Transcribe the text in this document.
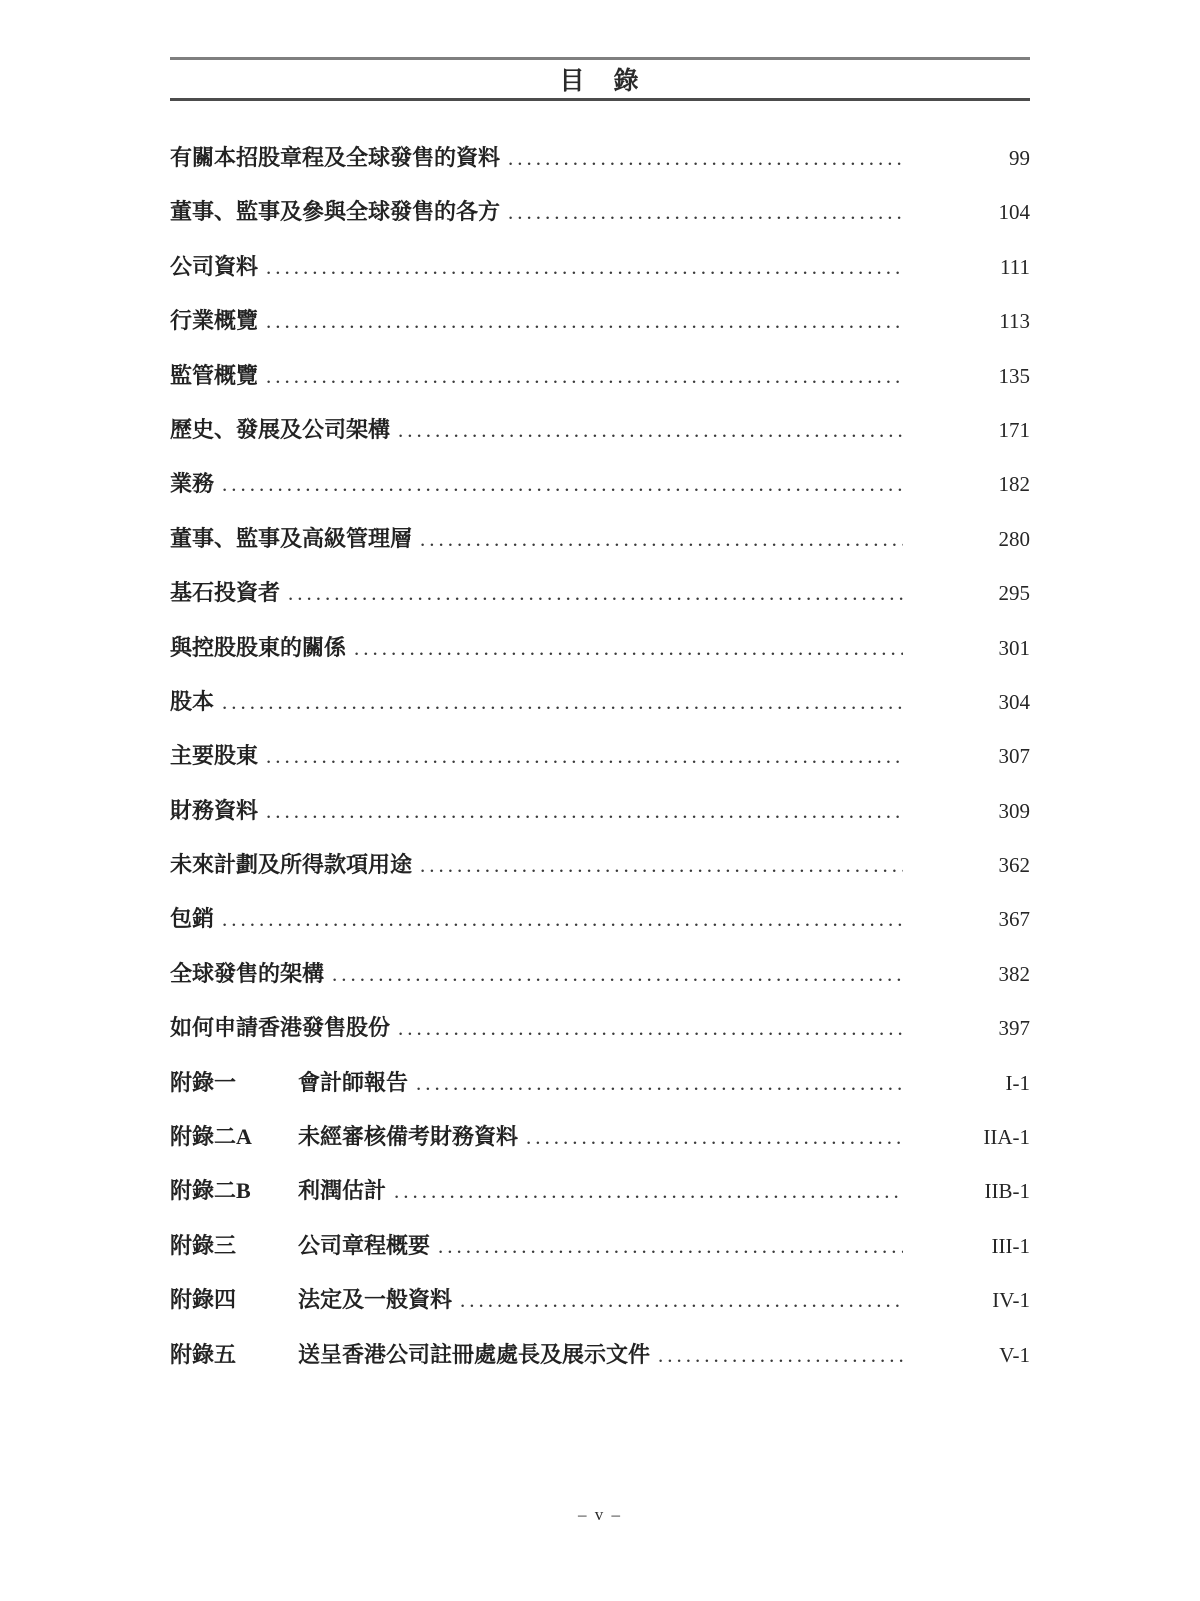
目　錄
有關本招股章程及全球發售的資料 .....	99
董事、監事及參與全球發售的各方 .....	104
公司資料 .....	111
行業概覽 .....	113
監管概覽 .....	135
歷史、發展及公司架構 .....	171
業務 .....	182
董事、監事及高級管理層 .....	280
基石投資者 .....	295
與控股股東的關係 .....	301
股本 .....	304
主要股東 .....	307
財務資料 .....	309
未來計劃及所得款項用途 .....	362
包銷 .....	367
全球發售的架構 .....	382
如何申請香港發售股份 .....	397
附錄一	會計師報告 .....	I-1
附錄二A	未經審核備考財務資料 .....	IIA-1
附錄二B	利潤估計 .....	IIB-1
附錄三	公司章程概要 .....	III-1
附錄四	法定及一般資料 .....	IV-1
附錄五	送呈香港公司註冊處處長及展示文件 .....	V-1
– v –
